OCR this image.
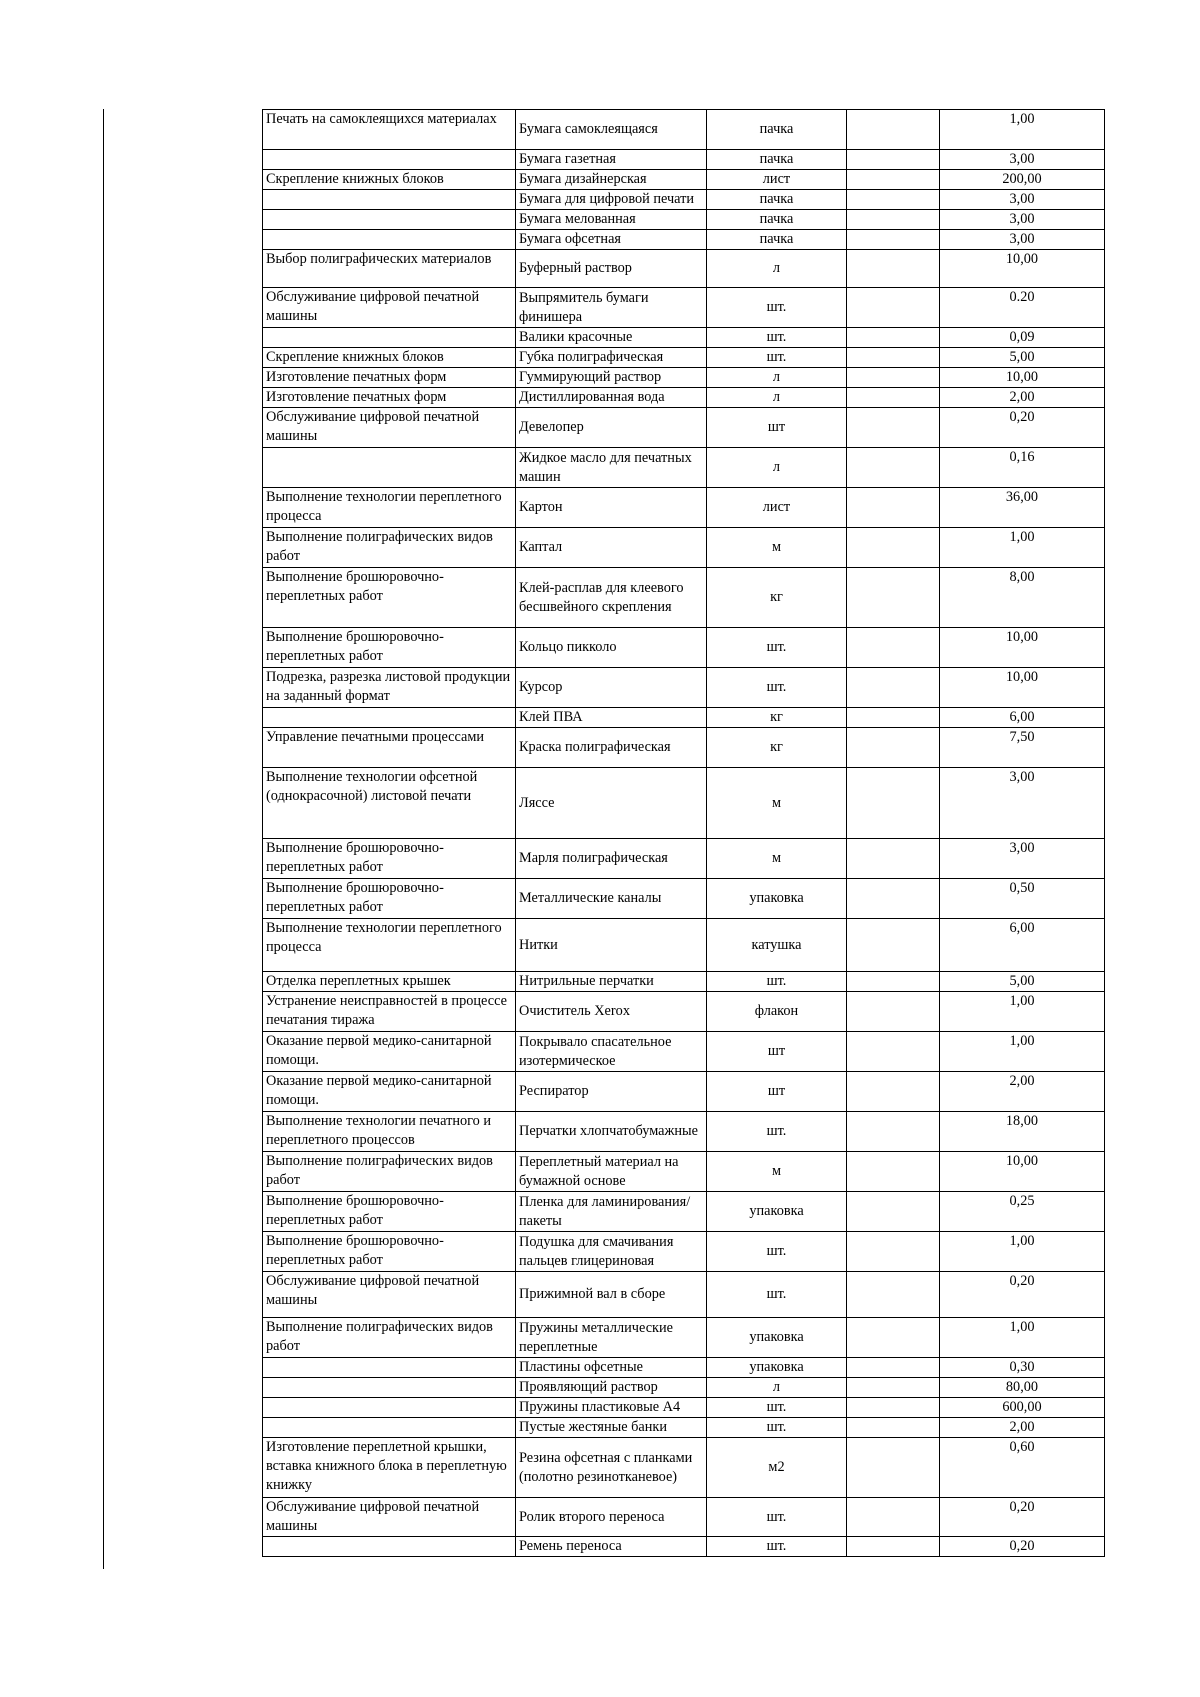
Печать на самоклеящихся материалах	Бумага самоклеящаяся	пачка		1,00
	Бумага газетная	пачка		3,00
Скрепление книжных блоков	Бумага дизайнерская	лист		200,00
	Бумага для цифровой печати	пачка		3,00
	Бумага мелованная	пачка		3,00
	Бумага офсетная	пачка		3,00
Выбор полиграфических материалов	Буферный раствор	л		10,00
Обслуживание цифровой печатной машины	Выпрямитель бумаги финишера	шт.		0.20
	Валики красочные	шт.		0,09
Скрепление книжных блоков	Губка полиграфическая	шт.		5,00
Изготовление печатных форм	Гуммирующий раствор	л		10,00
Изготовление печатных форм	Дистиллированная вода	л		2,00
Обслуживание цифровой печатной машины	Девелопер	шт		0,20
	Жидкое масло для печатных машин	л		0,16
Выполнение технологии переплетного процесса	Картон	лист		36,00
Выполнение полиграфических видов работ	Каптал	м		1,00
Выполнение брошюровочно-переплетных работ	Клей-расплав для клеевого бесшвейного скрепления	кг		8,00
Выполнение брошюровочно-переплетных работ	Кольцо пикколо	шт.		10,00
Подрезка, разрезка листовой продукции на заданный формат	Курсор	шт.		10,00
	Клей ПВА	кг		6,00
Управление печатными процессами	Краска полиграфическая	кг		7,50
Выполнение технологии офсетной (однокрасочной) листовой печати	Ляссе	м		3,00
Выполнение брошюровочно-переплетных работ	Марля полиграфическая	м		3,00
Выполнение брошюровочно-переплетных работ	Металлические каналы	упаковка		0,50
Выполнение технологии переплетного процесса	Нитки	катушка		6,00
Отделка переплетных крышек	Нитрильные перчатки	шт.		5,00
Устранение неисправностей в процессе печатания тиража	Очиститель Xerox	флакон		1,00
Оказание первой медико-санитарной помощи.	Покрывало спасательное изотермическое	шт		1,00
Оказание первой медико-санитарной помощи.	Респиратор	шт		2,00
Выполнение технологии печатного и переплетного процессов	Перчатки хлопчатобумажные	шт.		18,00
Выполнение полиграфических видов работ	Переплетный материал на бумажной основе	м		10,00
Выполнение брошюровочно-переплетных работ	Пленка для ламинирования/пакеты	упаковка		0,25
Выполнение брошюровочно-переплетных работ	Подушка для смачивания пальцев глицериновая	шт.		1,00
Обслуживание цифровой печатной машины	Прижимной вал в сборе	шт.		0,20
Выполнение полиграфических видов работ	Пружины металлические переплетные	упаковка		1,00
	Пластины офсетные	упаковка		0,30
	Проявляющий раствор	л		80,00
	Пружины пластиковые А4	шт.		600,00
	Пустые жестяные банки	шт.		2,00
Изготовление переплетной крышки, вставка книжного блока в переплетную книжку	Резина офсетная с планками (полотно резинотканевое)	м2		0,60
Обслуживание цифровой печатной машины	Ролик второго переноса	шт.		0,20
	Ремень переноса	шт.		0,20
